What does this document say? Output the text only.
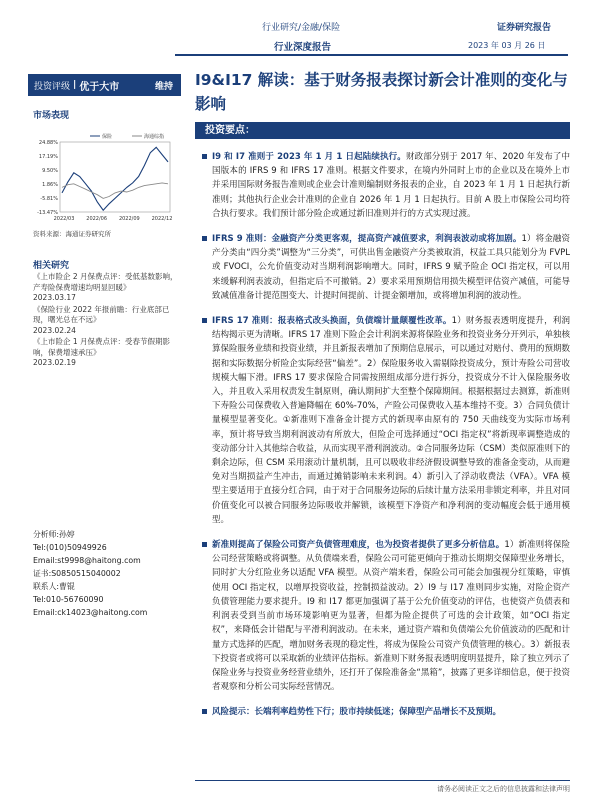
行业研究/金融/保险
行业深度报告
证券研究报告
2023 年 03 月 26 日
投资评级 | 优于大市	维持
市场表现
24.88%
17.19%
9.50%
1.86%
-5.81%
-13.47%
2022/03 2022/06 2022/09 2022/12
保险	海通综指
资料来源：海通证券研究所
相关研究
《上市险企 2 月保费点评：受低基数影响，产寿险保费增速均明显回暖》
2023.03.17
《保险行业 2022 年报前瞻：行业底部已现，曙光总在不远》
2023.02.24
《上市险企 1 月保费点评：受春节假期影响，保费增速承压》
2023.02.19
分析师:孙婷
Tel:(010)50949926
Email:st9998@haitong.com
证书:S0850515040002
联系人:曹锟
Tel:010-56760090
Email:ck14023@haitong.com
I9&I17 解读：基于财务报表探讨新会计准则的变化与影响
投资要点：
I9 和 I7 准则于 2023 年 1 月 1 日起陆续执行。财政部分别于 2017 年、2020 年发布了中国版本的 IFRS 9 和 IFRS 17 准则。根据文件要求，在境内外同时上市的企业以及在境外上市并采用国际财务报告准则或企业会计准则编制财务报表的企业，自 2023 年 1 月 1 日起执行新准则；其他执行企业会计准则的企业自 2026 年 1 月 1 日起执行。目前 A 股上市保险公司均符合执行要求。我们预计部分险企或通过新旧准则并行的方式实现过渡。
IFRS 9 准则：金融资产分类更客观，提高资产减值要求，利润表波动或将加剧。1）将金融资产分类由“四分类”调整为“三分类”，可供出售金融资产分类被取消，权益工具只能划分为 FVPL 或 FVOCI，公允价值变动对当期利润影响增大。同时，IFRS 9 赋予险企 OCI 指定权，可以用来缓解利润表波动，但指定后不可撤销。2）要求采用预期信用损失模型评估资产减值，可能导致减值准备计提范围变大、计提时间提前、计提金额增加，或将增加利润的波动性。
IFRS 17 准则：报表格式改头换面，负债端计量颠覆性改革。1）财务报表透明度提升，利润结构揭示更为清晰。IFRS 17 准则下险企会计利润来源将保险业务和投资业务分开列示，单独核算保险服务业绩和投资业绩，并且新报表增加了预期信息展示，可以通过对赔付、费用的预期数据和实际数据分析险企实际经营“偏差”。2）保险服务收入需剔除投资成分，预计寿险公司营收规模大幅下滑。IFRS 17 要求保险合同需按照组成部分进行拆分，投资成分不计入保险服务收入，并且收入采用权责发生制原则，确认期间扩大至整个保障期间。根据根据过去测算，新准则下寿险公司保费收入普遍降幅在 60%-70%，产险公司保费收入基本维持不变。3）合同负债计量模型显著变化。①新准则下准备金计提方式的新现率由原有的 750 天曲线变为实际市场利率，预计将导致当期利润波动有所放大，但险企可选择通过“OCI 指定权”将新现率调整造成的变动部分计入其他综合收益，从而实现平滑利润波动。②合同服务边际（CSM）类似原准则下的剩余边际，但 CSM 采用滚动计量机制，且可以吸收非经济假设调整导致的准备金变动，从而避免对当期损益产生冲击，而通过摊销影响未来利润。4）新引入了浮动收费法（VFA）。VFA 模型主要适用于直接分红合同，由于对于合同服务边际的后续计量方法采用非锁定利率，并且对同价值变化可以被合同服务边际吸收并解锁，该模型下净资产和净利润的变动幅度会低于通用模型。
新准则提高了保险公司资产负债管理难度，也为投资者提供了更多分析信息。1）新准则将保险公司经营策略或将调整。从负债端来看，保险公司可能更倾向于推动长期期交保障型业务增长，同时扩大分红险业务以适配 VFA 模型。从资产端来看，保险公司可能会加强视分红策略，审慎使用 OCI 指定权，以增厚投资收益，控制损益波动。2）I9 与 I17 准则同步实施，对险企资产负债管理能力要求提升。I9 和 I17 都更加强调了基于公允价值变动的评估，也使资产负债表和利润表受到当前市场环境影响更为显著，但都为险企提供了可选的会计政策，如“OCI 指定权”，来降低会计错配与平滑利润波动。在未来，通过资产端和负债端公允价值波动的匹配和计量方式选择的匹配，增加财务表现的稳定性，将成为保险公司资产负债管理的核心。3）新报表下投资者或将可以采取新的业绩评估指标。新准则下财务报表透明度明显提升，除了独立列示了保险业务与投资业务经营业绩外，还打开了保险准备金“黑箱”，披露了更多详细信息，便于投资者观察和分析公司实际经营情况。
风险提示：长端利率趋势性下行；股市持续低迷；保障型产品增长不及预期。
请务必阅读正文之后的信息披露和法律声明
